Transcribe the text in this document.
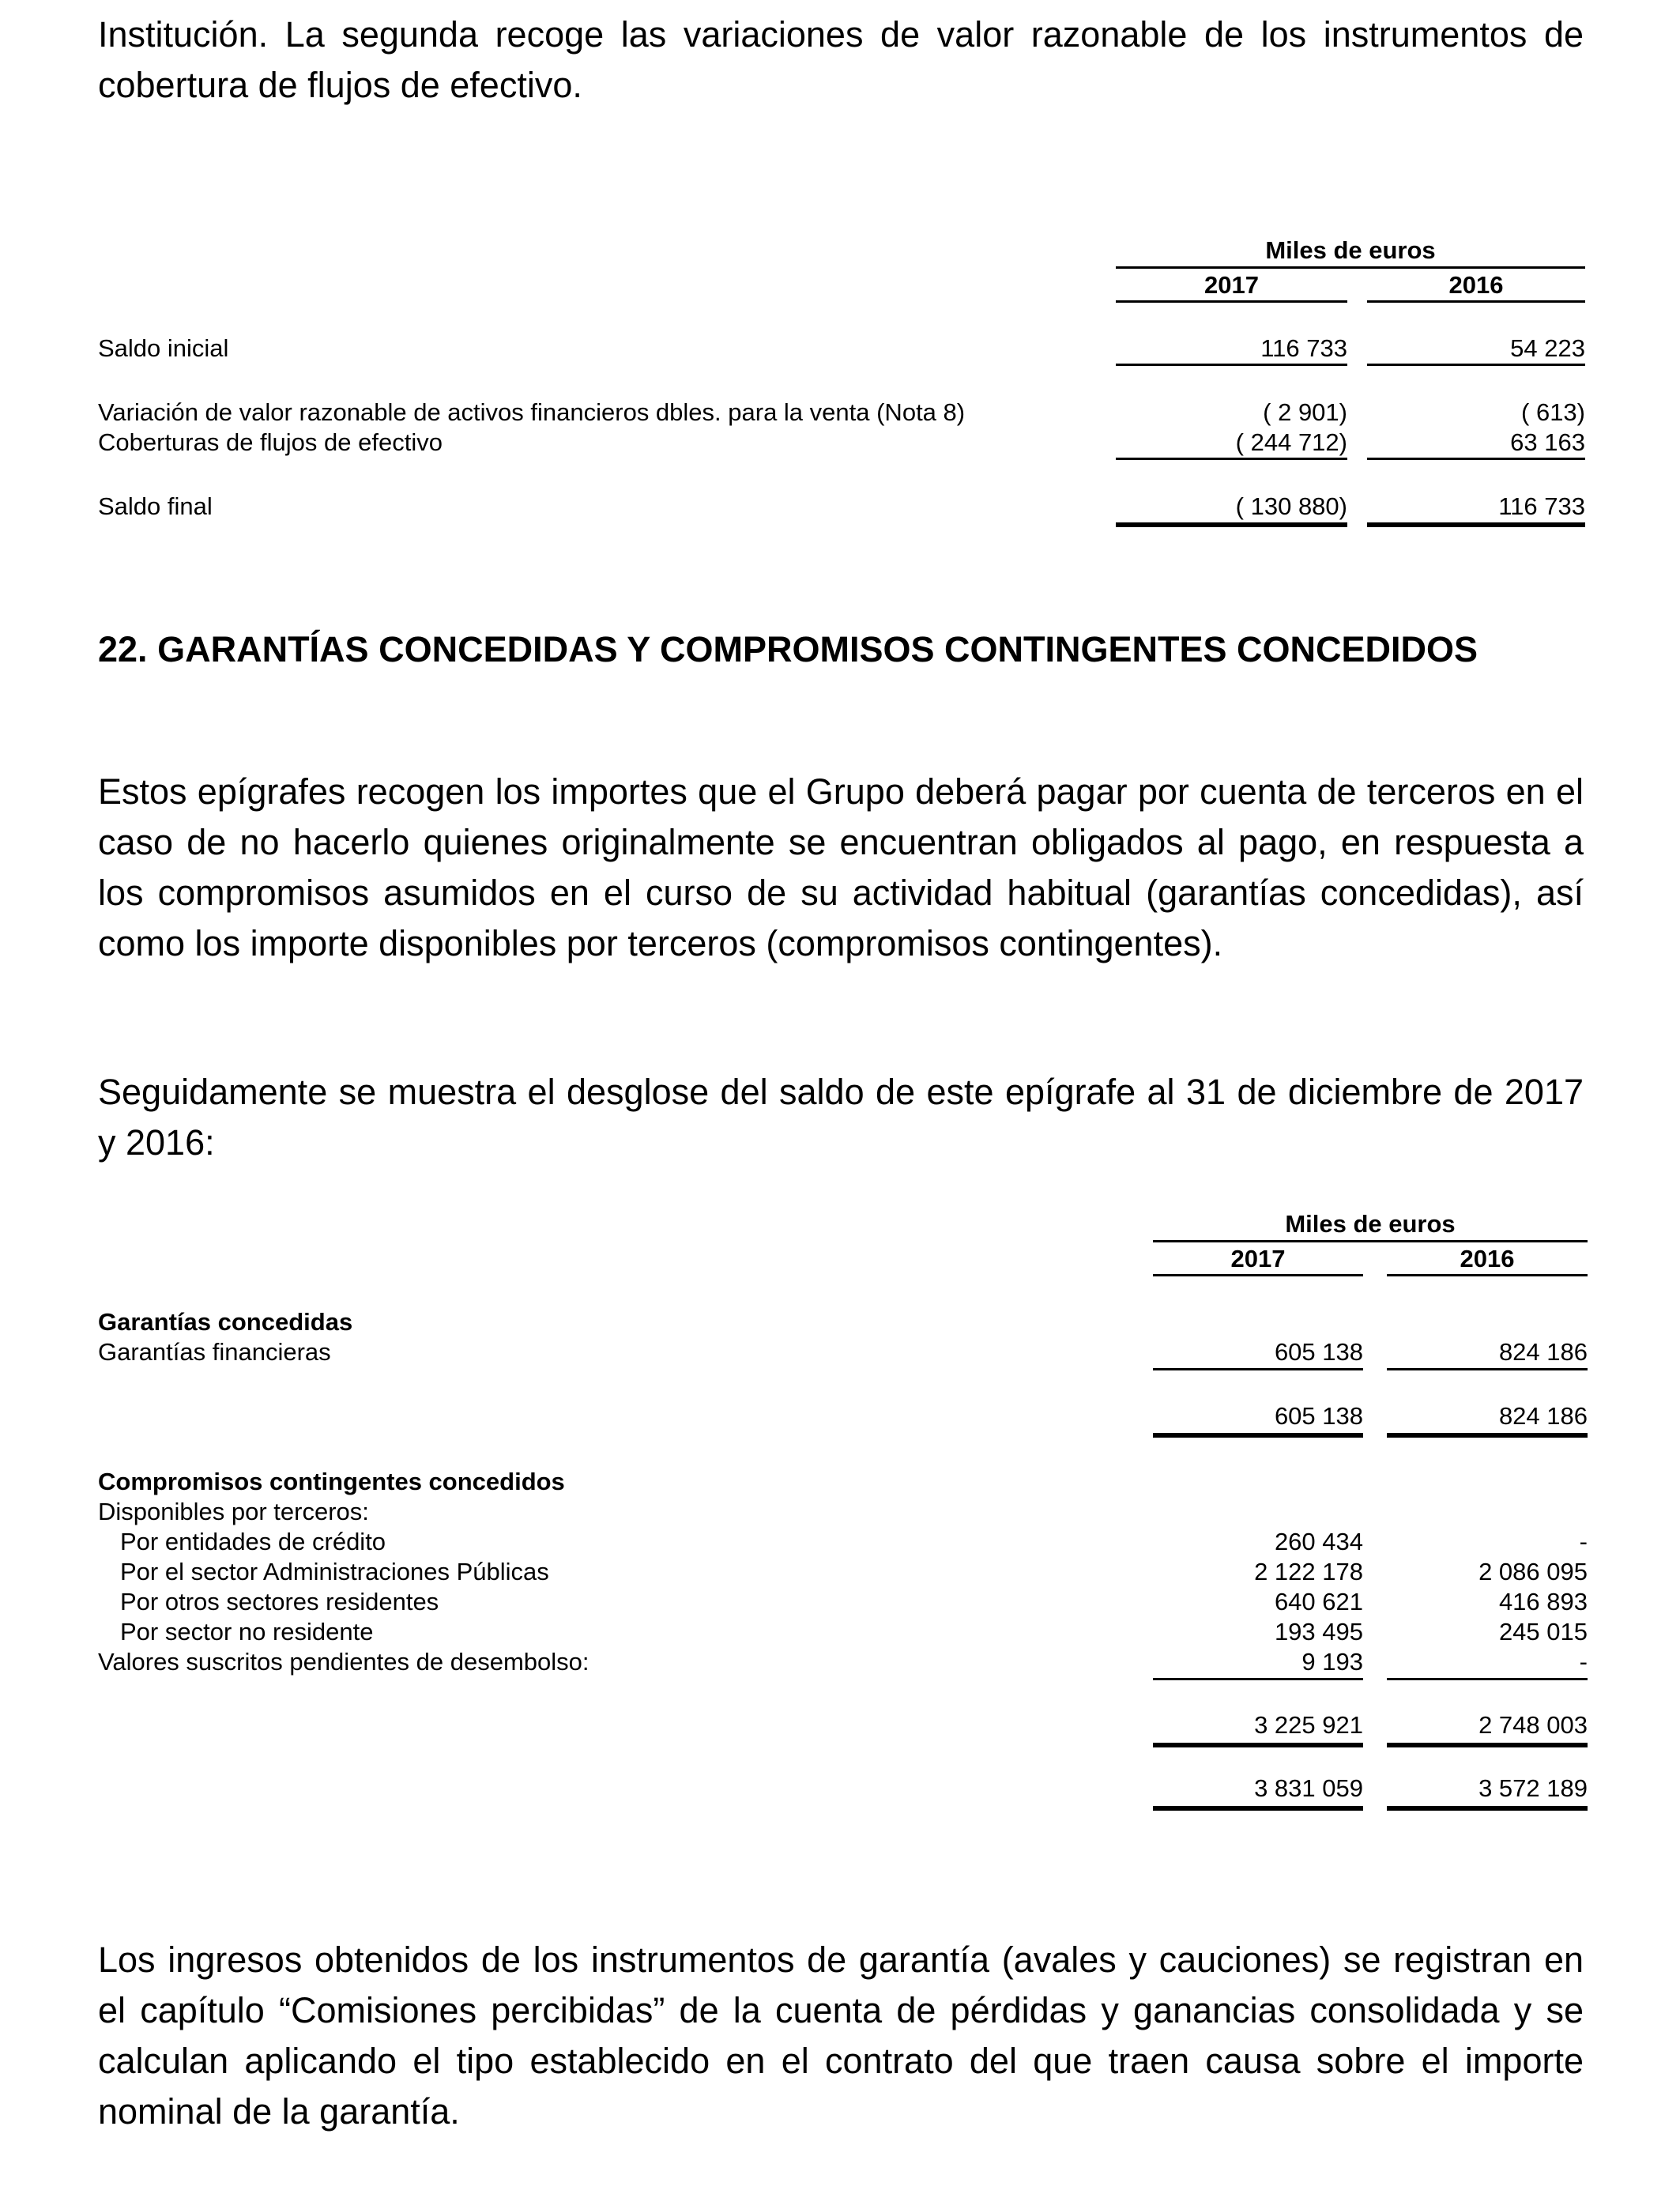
Institución. La segunda recoge las variaciones de valor razonable de los instrumentos de cobertura de flujos de efectivo.

Miles de euros
2017	2016
Saldo inicial	116 733	54 223
Variación de valor razonable de activos financieros dbles. para la venta (Nota 8)	( 2 901)	( 613)
Coberturas de flujos de efectivo	( 244 712)	63 163
Saldo final	( 130 880)	116 733
22. GARANTÍAS CONCEDIDAS Y COMPROMISOS CONTINGENTES CONCEDIDOS

Estos epígrafes recogen los importes que el Grupo deberá pagar por cuenta de terceros en el caso de no hacerlo quienes originalmente se encuentran obligados al pago, en respuesta a los compromisos asumidos en el curso de su actividad habitual (garantías concedidas), así como los importe disponibles por terceros (compromisos contingentes).

Seguidamente se muestra el desglose del saldo de este epígrafe al 31 de diciembre de 2017 y 2016:

Miles de euros
2017	2016
Garantías concedidas
Garantías financieras	605 138	824 186
605 138	824 186
Compromisos contingentes concedidos
Disponibles por terceros:
Por entidades de crédito	260 434	-
Por el sector Administraciones Públicas	2 122 178	2 086 095
Por otros sectores residentes	640 621	416 893
Por sector no residente	193 495	245 015
Valores suscritos pendientes de desembolso:	9 193	-
3 225 921	2 748 003
3 831 059	3 572 189

Los ingresos obtenidos de los instrumentos de garantía (avales y cauciones) se registran en el capítulo “Comisiones percibidas” de la cuenta de pérdidas y ganancias consolidada y se calculan aplicando el tipo establecido en el contrato del que traen causa sobre el importe nominal de la garantía.
